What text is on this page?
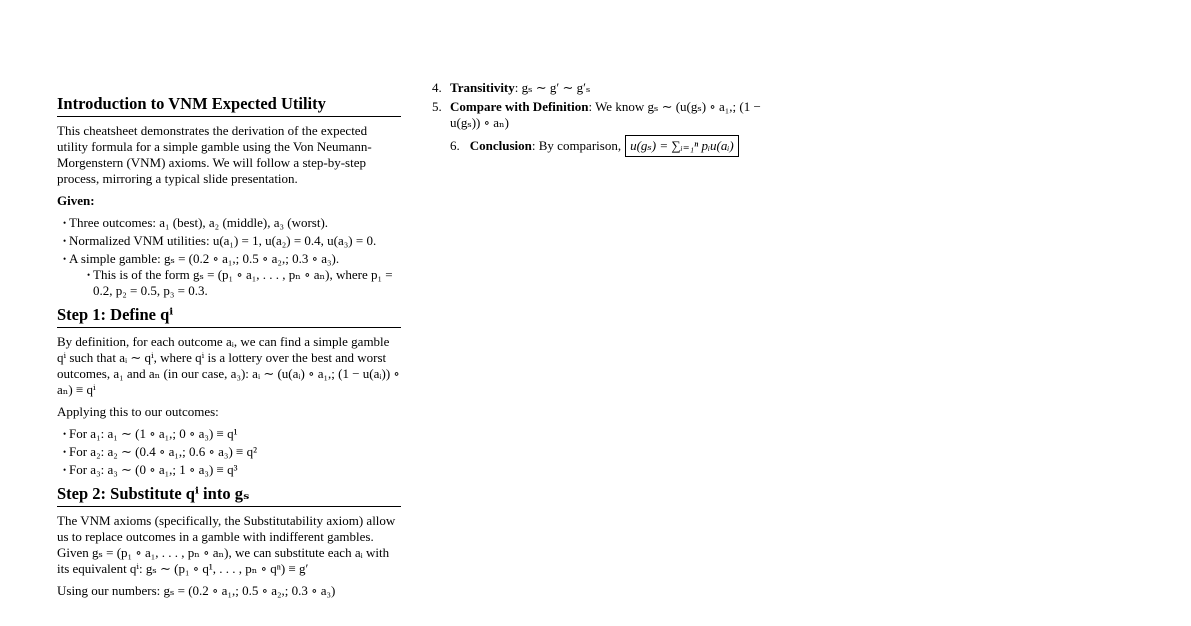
Introduction to VNM Expected Utility

This cheatsheet demonstrates the derivation of the expected utility formula for a simple gamble using the Von Neumann-Morgenstern (VNM) axioms. We will follow a step-by-step process, mirroring a typical slide presentation.

Given:
• Three outcomes: a₁ (best), a₂ (middle), a₃ (worst).
• Normalized VNM utilities: u(a₁) = 1, u(a₂) = 0.4, u(a₃) = 0.
• A simple gamble: gₛ = (0.2 ∘ a₁,; 0.5 ∘ a₂,; 0.3 ∘ a₃).
• This is of the form gₛ = (p₁ ∘ a₁, . . . , pₙ ∘ aₙ), where p₁ = 0.2, p₂ = 0.5, p₃ = 0.3.
Step 1: Define qⁱ

By definition, for each outcome aᵢ, we can find a simple gamble qⁱ such that aᵢ ∼ qⁱ, where qⁱ is a lottery over the best and worst outcomes, a₁ and aₙ (in our case, a₃): aᵢ ∼ (u(aᵢ) ∘ a₁,; (1 − u(aᵢ)) ∘ aₙ) ≡ qⁱ

Applying this to our outcomes:

• For a₁: a₁ ∼ (1 ∘ a₁,; 0 ∘ a₃) ≡ q¹
• For a₂: a₂ ∼ (0.4 ∘ a₁,; 0.6 ∘ a₃) ≡ q²
• For a₃: a₃ ∼ (0 ∘ a₁,; 1 ∘ a₃) ≡ q³
Step 2: Substitute qⁱ into gₛ

The VNM axioms (specifically, the Substitutability axiom) allow us to replace outcomes in a gamble with indifferent gambles. Given gₛ = (p₁ ∘ a₁, . . . , pₙ ∘ aₙ), we can substitute each aᵢ with its equivalent qⁱ: gₛ ∼ (p₁ ∘ q¹, . . . , pₙ ∘ qⁿ) ≡ g′

Using our numbers: gₛ = (0.2 ∘ a₁,; 0.5 ∘ a₂,; 0.3 ∘ a₃)

4. Transitivity: gₛ ∼ g′ ∼ g′ₛ
5. Compare with Definition: We know gₛ ∼ (u(gₛ) ∘ a₁,; (1 − u(gₛ)) ∘ aₙ)
6. Conclusion: By comparison, u(gₛ) = ∑ᵢ₌₁ⁿ pᵢu(aᵢ)
